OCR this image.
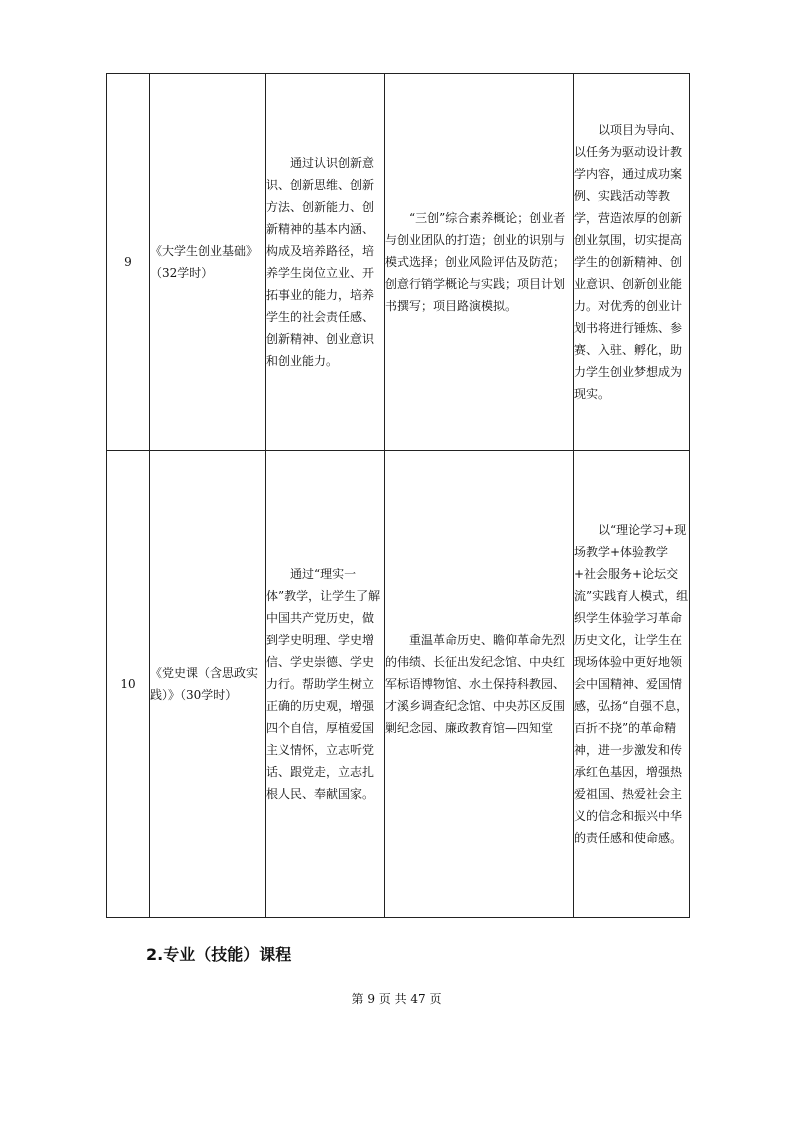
9	《大学生创业基础》（32学时）	通过认识创新意识、创新思维、创新方法、创新能力、创新精神的基本内涵、构成及培养路径，培养学生岗位立业、开拓事业的能力，培养学生的社会责任感、创新精神、创业意识和创业能力。	“三创”综合素养概论；创业者与创业团队的打造；创业的识别与模式选择；创业风险评估及防范；创意行销学概论与实践；项目计划书撰写；项目路演模拟。	以项目为导向、以任务为驱动设计教学内容，通过成功案例、实践活动等教学，营造浓厚的创新创业氛围，切实提高学生的创新精神、创业意识、创新创业能力。对优秀的创业计划书将进行锤炼、参赛、入驻、孵化，助力学生创业梦想成为现实。

10	《党史课（含思政实践）》（30学时）	通过“理实一体”教学，让学生了解中国共产党历史，做到学史明理、学史增信、学史崇德、学史力行。帮助学生树立正确的历史观，增强四个自信，厚植爱国主义情怀，立志听党话、跟党走，立志扎根人民、奉献国家。	重温革命历史、瞻仰革命先烈的伟绩、长征出发纪念馆、中央红军标语博物馆、水土保持科教园、才溪乡调查纪念馆、中央苏区反围剿纪念园、廉政教育馆—四知堂	以“理论学习+现场教学+体验教学+社会服务+论坛交流”实践育人模式，组织学生体验学习革命历史文化，让学生在现场体验中更好地领会中国精神、爱国情感，弘扬“自强不息，百折不挠”的革命精神，进一步激发和传承红色基因，增强热爱祖国、热爱社会主义的信念和振兴中华的责任感和使命感。

2.专业（技能）课程

第 9 页 共 47 页
